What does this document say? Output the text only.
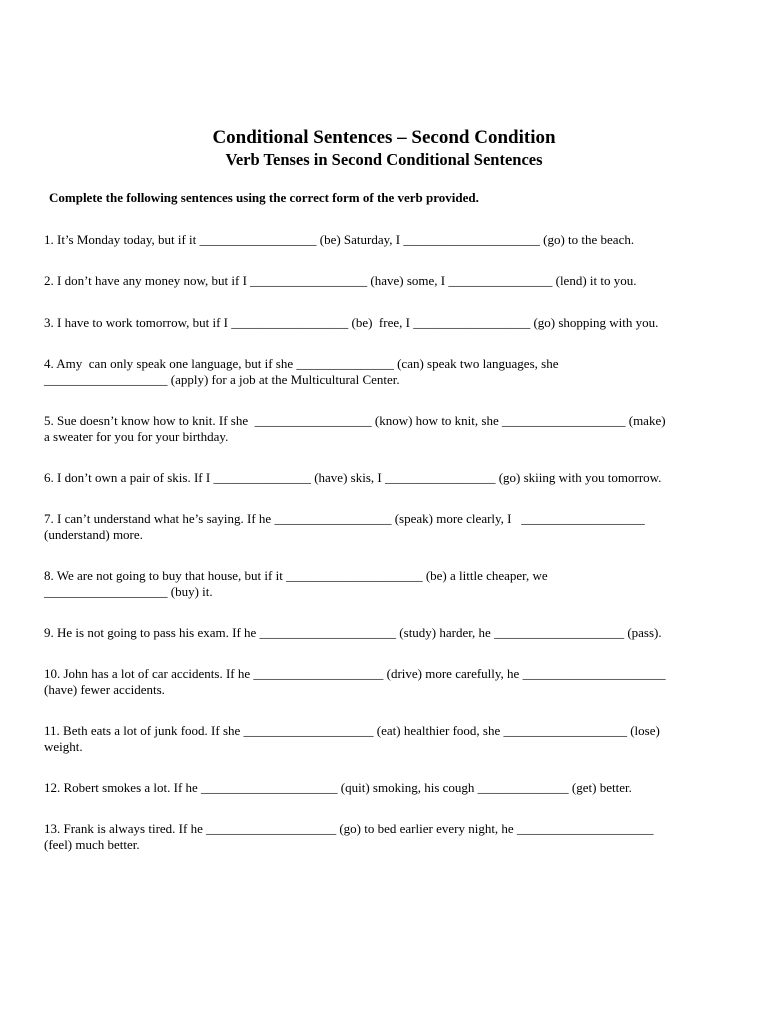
Conditional Sentences – Second Condition
Verb Tenses in Second Conditional Sentences
Complete the following sentences using the correct form of the verb provided.
1. It’s Monday today, but if it __________________ (be) Saturday, I _____________________ (go) to the beach.
2. I don’t have any money now, but if I __________________ (have) some, I ________________ (lend) it to you.
3. I have to work tomorrow, but if I __________________ (be)  free, I __________________ (go) shopping with you.
4. Amy  can only speak one language, but if she _______________ (can) speak two languages, she
___________________ (apply) for a job at the Multicultural Center.
5. Sue doesn’t know how to knit. If she  __________________ (know) how to knit, she ___________________ (make)
a sweater for you for your birthday.
6. I don’t own a pair of skis. If I _______________ (have) skis, I _________________ (go) skiing with you tomorrow.
7. I can’t understand what he’s saying. If he __________________ (speak) more clearly, I   ___________________
(understand) more.
8. We are not going to buy that house, but if it _____________________ (be) a little cheaper, we
___________________ (buy) it.
9. He is not going to pass his exam. If he _____________________ (study) harder, he ____________________ (pass).
10. John has a lot of car accidents. If he ____________________ (drive) more carefully, he ______________________
(have) fewer accidents.
11. Beth eats a lot of junk food. If she ____________________ (eat) healthier food, she ___________________ (lose)
weight.
12. Robert smokes a lot. If he _____________________ (quit) smoking, his cough ______________ (get) better.
13. Frank is always tired. If he ____________________ (go) to bed earlier every night, he _____________________
(feel) much better.
